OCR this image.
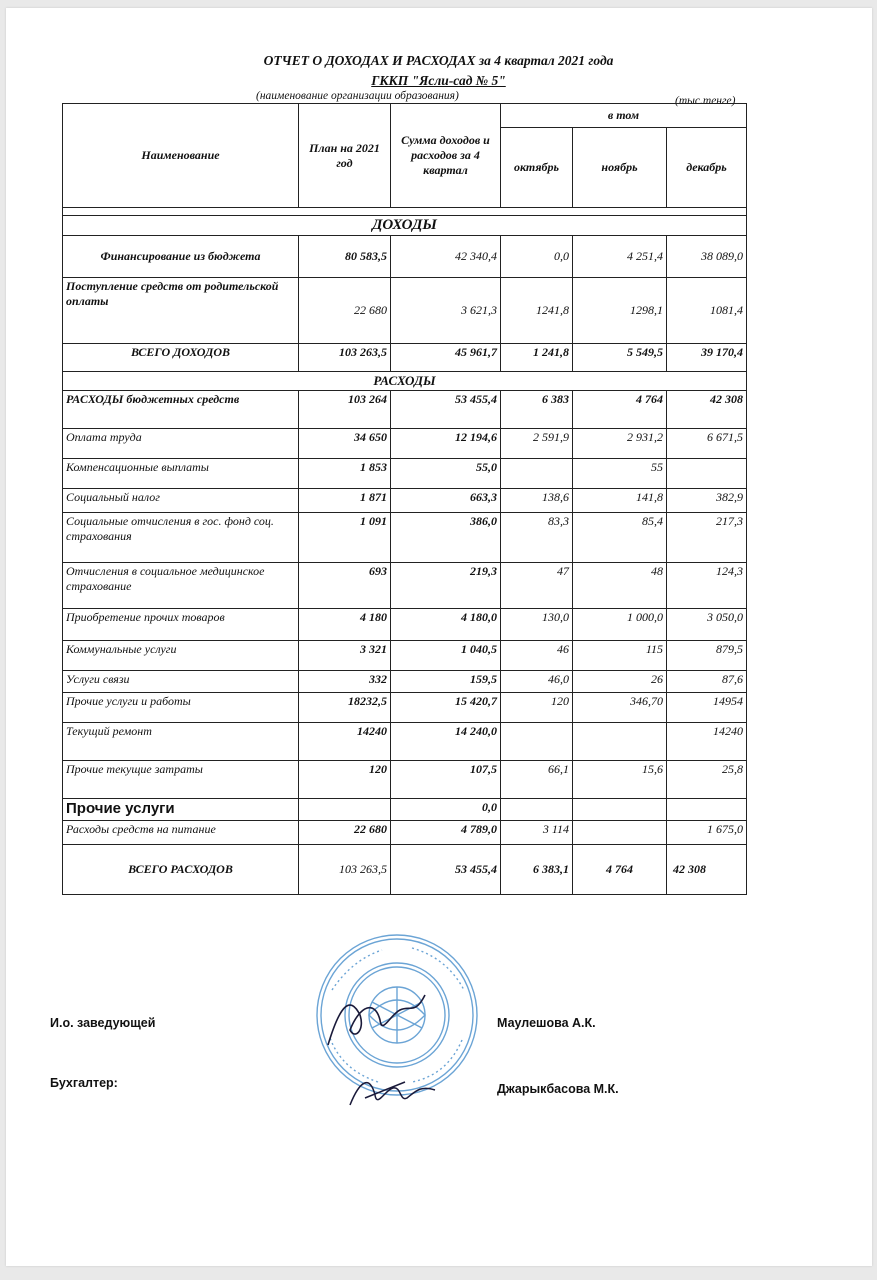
ОТЧЕТ О ДОХОДАХ И РАСХОДАХ за 4 квартал 2021 года
ГККП "Ясли-сад № 5"
(наименование организации образования)	(тыс.тенге)
Наименование	План на 2021 год	Сумма доходов и расходов за 4 квартал	в том		
			октябрь	ноябрь	декабрь

ДОХОДЫ					
Финансирование из бюджета	80 583,5	42 340,4	0,0	4 251,4	38 089,0
Поступление средств от родительской оплаты	22 680	3 621,3	1241,8	1298,1	1081,4
ВСЕГО ДОХОДОВ	103 263,5	45 961,7	1 241,8	5 549,5	39 170,4
РАСХОДЫ					
РАСХОДЫ бюджетных средств	103 264	53 455,4	6 383	4 764	42 308
Оплата труда	34 650	12 194,6	2 591,9	2 931,2	6 671,5
Компенсационные выплаты	1 853	55,0		55	
Социальный налог	1 871	663,3	138,6	141,8	382,9
Социальные отчисления в гос. фонд соц. страхования	1 091	386,0	83,3	85,4	217,3
Отчисления в социальное медицинское страхование	693	219,3	47	48	124,3
Приобретение прочих товаров	4 180	4 180,0	130,0	1 000,0	3 050,0
Коммунальные услуги	3 321	1 040,5	46	115	879,5
Услуги связи	332	159,5	46,0	26	87,6
Прочие услуги и работы	18232,5	15 420,7	120	346,70	14954
Текущий ремонт	14240	14 240,0			14240
Прочие текущие затраты	120	107,5	66,1	15,6	25,8
Прочие услуги		0,0			
Расходы средств на питание	22 680	4 789,0	3 114		1 675,0
ВСЕГО РАСХОДОВ	103 263,5	53 455,4	6 383,1	4 764	42 308
И.о. заведующей	Маулешова А.К.
Бухгалтер:	Джарыкбасова М.К.
